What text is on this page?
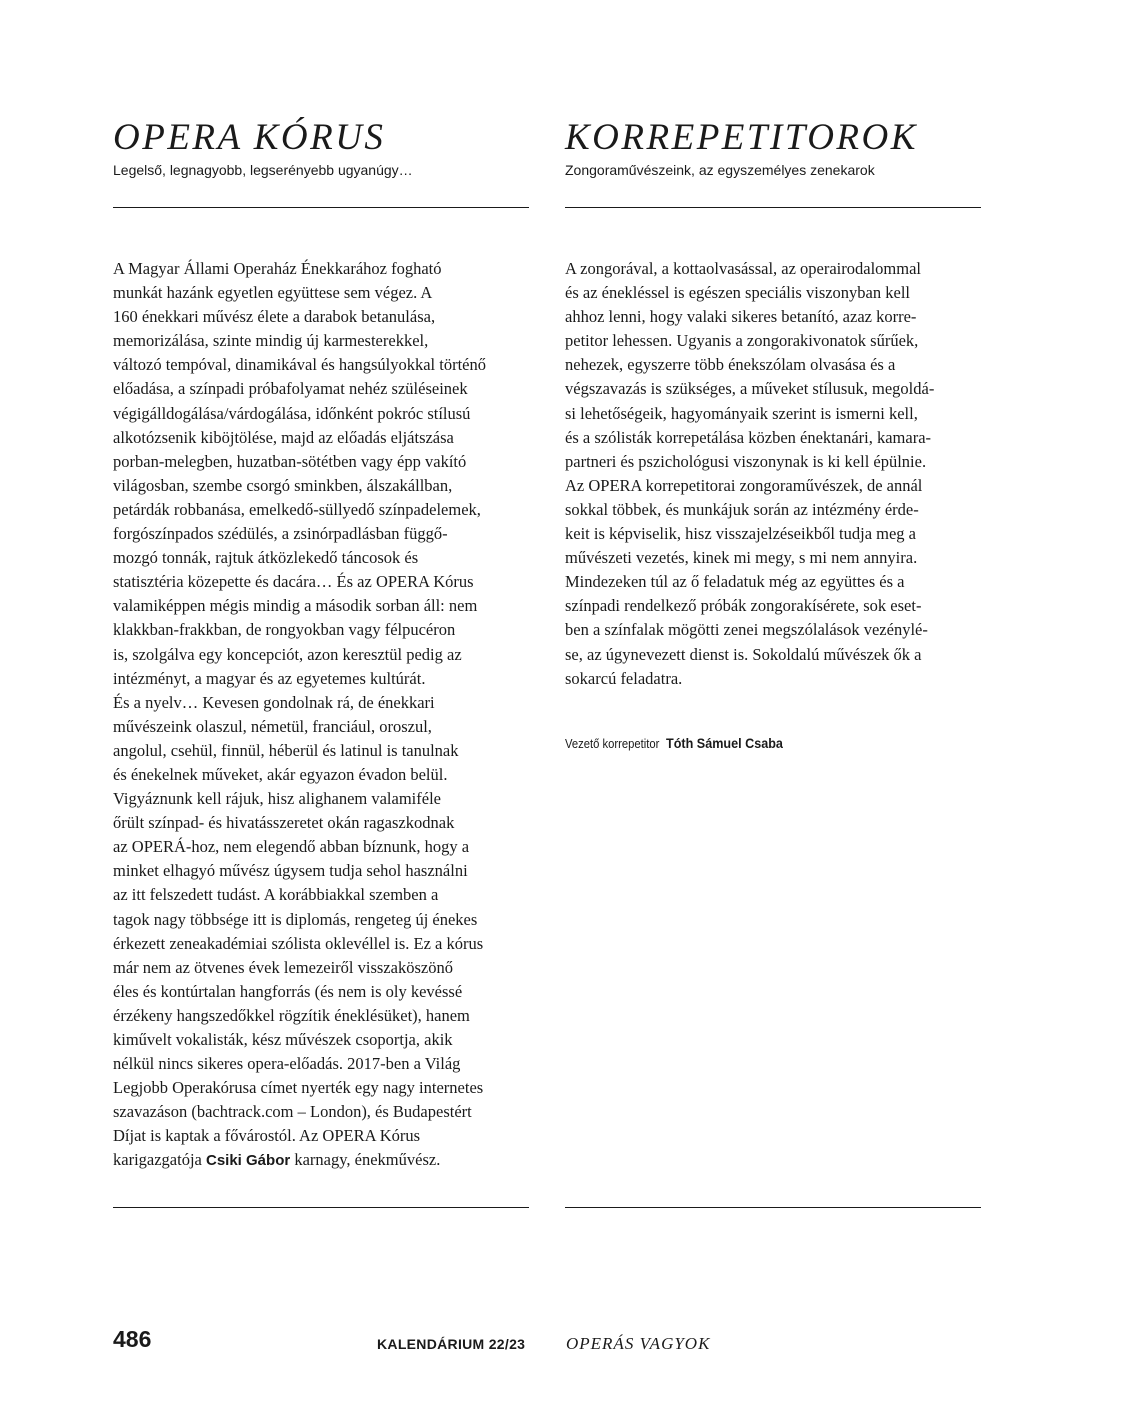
OPERA KÓRUS

Legelső, legnagyobb, legserényebb ugyanúgy…

A Magyar Állami Operaház Énekkarához fogható
munkát hazánk egyetlen együttese sem végez. A
160 énekkari művész élete a darabok betanulása,
memorizálása, szinte mindig új karmesterekkel,
változó tempóval, dinamikával és hangsúlyokkal történő
előadása, a színpadi próbafolyamat nehéz szüléseinek
végigálldogálása/várdogálása, időnként pokróc stílusú
alkotózsenik kiböjtölése, majd az előadás eljátszása
porban-melegben, huzatban-sötétben vagy épp vakító
világosban, szembe csorgó sminkben, álszakállban,
petárdák robbanása, emelkedő-süllyedő színpadelemek,
forgószínpados szédülés, a zsinórpadlásban függő-
mozgó tonnák, rajtuk átközlekedő táncosok és
statisztéria közepette és dacára… És az OPERA Kórus
valamiképpen mégis mindig a második sorban áll: nem
klakkban-frakkban, de rongyokban vagy félpucéron
is, szolgálva egy koncepciót, azon keresztül pedig az
intézményt, a magyar és az egyetemes kultúrát.
És a nyelv… Kevesen gondolnak rá, de énekkari
művészeink olaszul, németül, franciául, oroszul,
angolul, csehül, finnül, héberül és latinul is tanulnak
és énekelnek műveket, akár egyazon évadon belül.
Vigyáznunk kell rájuk, hisz alighanem valamiféle
őrült színpad- és hivatásszeretet okán ragaszkodnak
az OPERÁ-hoz, nem elegendő abban bíznunk, hogy a
minket elhagyó művész úgysem tudja sehol használni
az itt felszedett tudást. A korábbiakkal szemben a
tagok nagy többsége itt is diplomás, rengeteg új énekes
érkezett zeneakadémiai szólista oklevéllel is. Ez a kórus
már nem az ötvenes évek lemezeiről visszaköszönő
éles és kontúrtalan hangforrás (és nem is oly kevéssé
érzékeny hangszedőkkel rögzítik éneklésüket), hanem
kiművelt vokalisták, kész művészek csoportja, akik
nélkül nincs sikeres opera-előadás. 2017-ben a Világ
Legjobb Operakórusa címet nyerték egy nagy internetes
szavazáson (bachtrack.com – London), és Budapestért
Díjat is kaptak a fővárostól. Az OPERA Kórus
karigazgatója Csiki Gábor karnagy, énekművész.
KORREPETITOROK

Zongoraművészeink, az egyszemélyes zenekarok

A zongorával, a kottaolvasással, az operairodalommal
és az énekléssel is egészen speciális viszonyban kell
ahhoz lenni, hogy valaki sikeres betanító, azaz korre-
petitor lehessen. Ugyanis a zongorakivonatok sűrűek,
nehezek, egyszerre több énekszólam olvasása és a
végszavazás is szükséges, a műveket stílusuk, megoldá-
si lehetőségeik, hagyományaik szerint is ismerni kell,
és a szólisták korrepetálása közben énektanári, kamara-
partneri és pszichológusi viszonynak is ki kell épülnie.
Az OPERA korrepetitorai zongoraművészek, de annál
sokkal többek, és munkájuk során az intézmény érde-
keit is képviselik, hisz visszajelzéseikből tudja meg a
művészeti vezetés, kinek mi megy, s mi nem annyira.
Mindezeken túl az ő feladatuk még az együttes és a
színpadi rendelkező próbák zongorakísérete, sok eset-
ben a színfalak mögötti zenei megszólalások vezénylé-
se, az úgynevezett dienst is. Sokoldalú művészek ők a
sokarcú feladatra.

Vezető korrepetitor Tóth Sámuel Csaba

486	KALENDÁRIUM 22/23 OPERÁS VAGYOK
